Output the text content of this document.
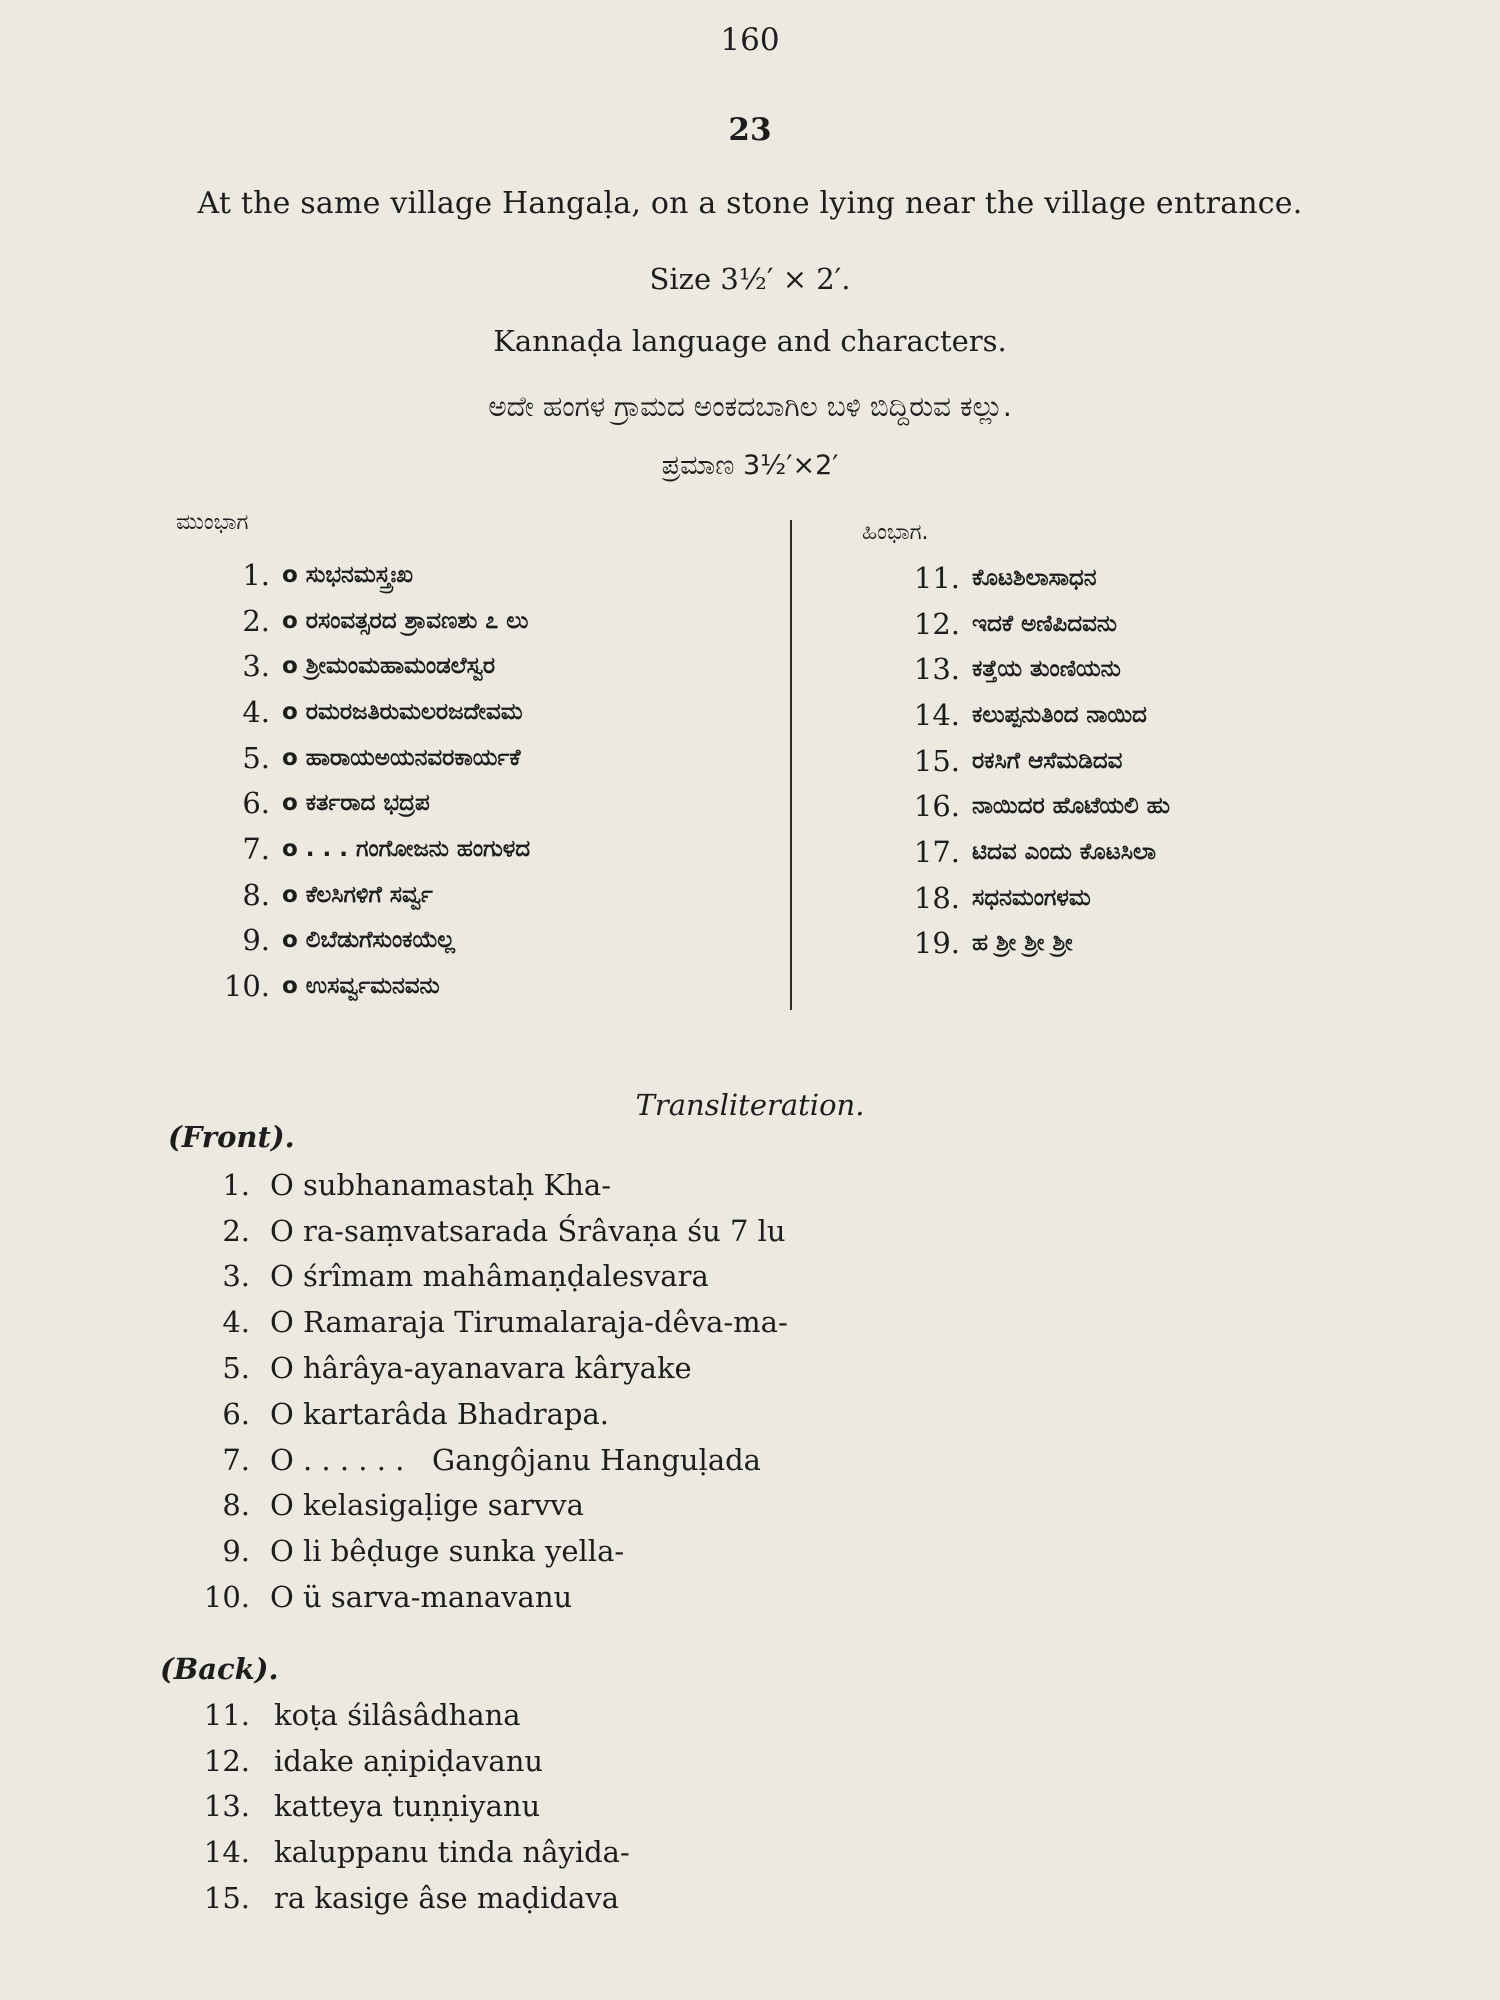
160
23
At the same village Hangaḷa, on a stone lying near the village entrance.
Size 3½′ × 2′.
Kannaḍa language and characters.
ಅದೇ ಹಂಗಳ ಗ್ರಾಮದ ಅಂಕದಬಾಗಿಲ ಬಳಿ ಬಿದ್ದಿರುವ ಕಲ್ಲು.
ಪ್ರಮಾಣ 3½′×2′
ಮುಂಭಾಗ	ಹಿಂಭಾಗ.
1. o ಸುಭನಮಸ್ತ್ರಃಖ
2. o ರಸಂವತ್ಸರದ ಶ್ರಾವಣಶು ೭ ಲು
3. o ಶ್ರೀಮಂಮಹಾಮಂಡಲೆಸ್ವರ
4. o ರಮರಜತಿರುಮಲರಜದೇವಮ
5. o ಹಾರಾಯಅಯನವರಕಾರ್ಯಕೆ
6. o ಕರ್ತರಾದ ಭದ್ರಪ
7. o . . . ಗಂಗೋಜನು ಹಂಗುಳದ
8. o ಕೆಲಸಿಗಳಿಗೆ ಸರ್ವ್ವ
9. o ಲಿಬೆಡುಗೆಸುಂಕಯೆಲ್ಲ
10. o ಉಸರ್ವ್ವಮನವನು
11. ಕೊಟಶಿಲಾಸಾಧನ
12. ಇದಕೆ ಅಣಿಪಿದವನು
13. ಕತ್ತೆಯ ತುಂಣಿಯನು
14. ಕಲುಪ್ಪನುತಿಂದ ನಾಯಿದ
15. ರಕಸಿಗೆ ಆಸೆಮಡಿದವ
16. ನಾಯಿದರ ಹೊಟೆಯಲಿ ಹು
17. ಟಿದವ ಎಂದು ಕೊಟಸಿಲಾ
18. ಸಧನಮಂಗಳಮ
19. ಹ ಶ್ರೀ ಶ್ರೀ ಶ್ರೀ
Transliteration.
(Front).
1. O subhanamastaḥ Kha-
2. O ra-saṃvatsarada Śrâvaṇa śu 7 lu
3. O śrîmam mahâmaṇḍalesvara
4. O Ramaraja Tirumalaraja-dêva-ma-
5. O hârâya-ayanavara kâryake
6. O kartarâda Bhadrapa.
7. O . . . . . .   Gangôjanu Hanguḷada
8. O kelasigaḷige sarvva
9. O li bêḍuge sunka yella-
10. O ü sarva-manavanu
(Back).
11. koṭa śilâsâdhana
12. idake aṇipiḍavanu
13. katteya tuṇṇiyanu
14. kaluppanu tinda nâyida-
15. ra kasige âse maḍidava
